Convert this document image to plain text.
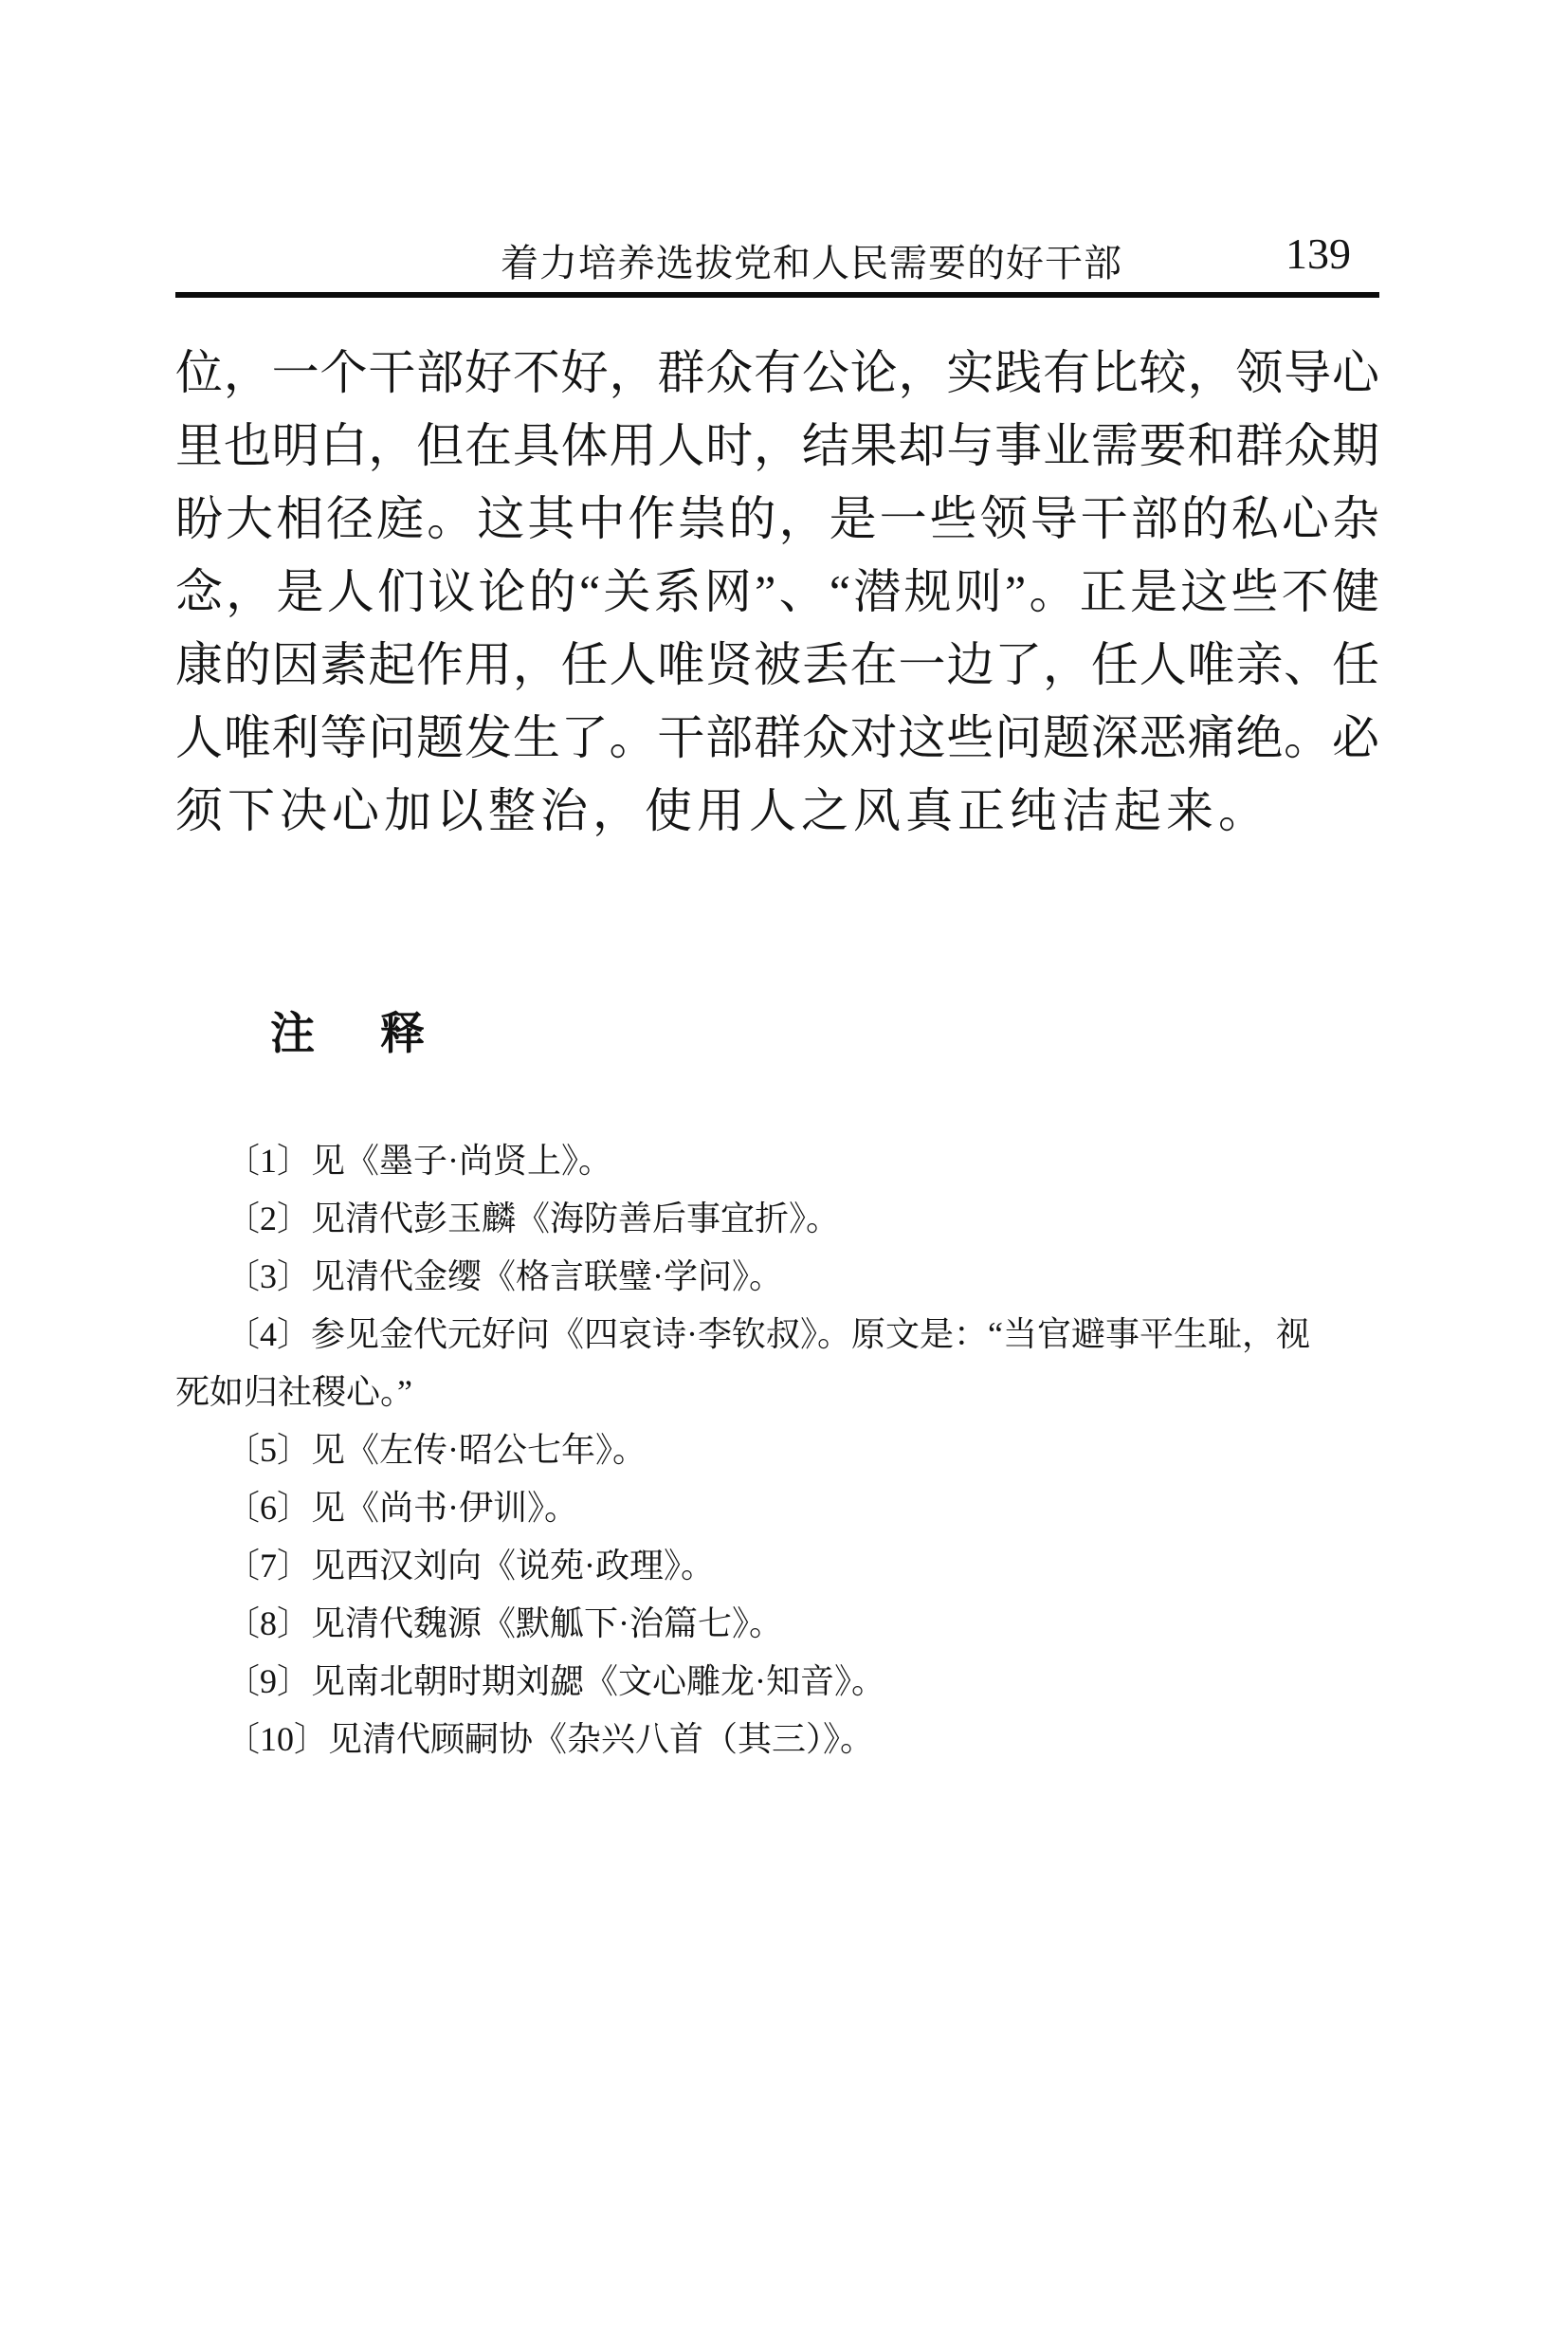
着力培养选拔党和人民需要的好干部	139
位，一个干部好不好，群众有公论，实践有比较，领导心
里也明白，但在具体用人时，结果却与事业需要和群众期
盼大相径庭。这其中作祟的，是一些领导干部的私心杂
念，是人们议论的“关系网”、“潜规则”。正是这些不健
康的因素起作用，任人唯贤被丢在一边了，任人唯亲、任
人唯利等问题发生了。干部群众对这些问题深恶痛绝。必
须下决心加以整治，使用人之风真正纯洁起来。
注 释
〔1〕见《墨子·尚贤上》。
〔2〕见清代彭玉麟《海防善后事宜折》。
〔3〕见清代金缨《格言联璧·学问》。
〔4〕参见金代元好问《四哀诗·李钦叔》。原文是：“当官避事平生耻，视
死如归社稷心。”
〔5〕见《左传·昭公七年》。
〔6〕见《尚书·伊训》。
〔7〕见西汉刘向《说苑·政理》。
〔8〕见清代魏源《默觚下·治篇七》。
〔9〕见南北朝时期刘勰《文心雕龙·知音》。
〔10〕见清代顾嗣协《杂兴八首（其三）》。
